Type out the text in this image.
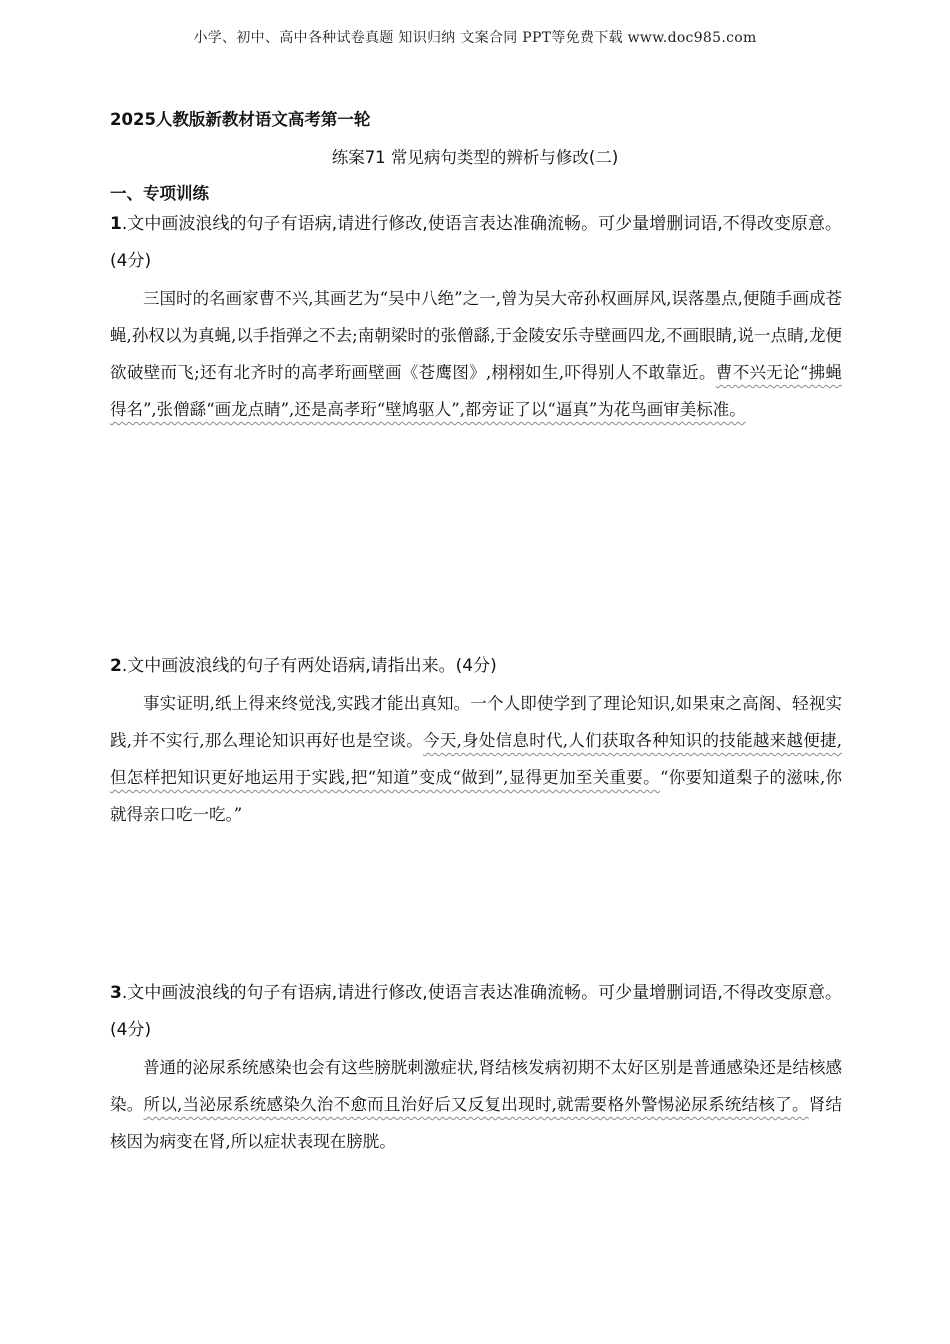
小学、初中、高中各种试卷真题 知识归纳 文案合同 PPT等免费下载 www.doc985.com
2025人教版新教材语文高考第一轮
练案71 常见病句类型的辨析与修改(二)
一、专项训练
1.文中画波浪线的句子有语病,请进行修改,使语言表达准确流畅。可少量增删词语,不得改变原意。(4分)
三国时的名画家曹不兴,其画艺为“吴中八绝”之一,曾为吴大帝孙权画屏风,误落墨点,便随手画成苍蝇,孙权以为真蝇,以手指弹之不去;南朝梁时的张僧繇,于金陵安乐寺壁画四龙,不画眼睛,说一点睛,龙便欲破壁而飞;还有北齐时的高孝珩画壁画《苍鹰图》,栩栩如生,吓得别人不敢靠近。曹不兴无论“拂蝇得名”,张僧繇“画龙点睛”,还是高孝珩“壁鸠驱人”,都旁证了以“逼真”为花鸟画审美标准。
2.文中画波浪线的句子有两处语病,请指出来。(4分)
事实证明,纸上得来终觉浅,实践才能出真知。一个人即使学到了理论知识,如果束之高阁、轻视实践,并不实行,那么理论知识再好也是空谈。今天,身处信息时代,人们获取各种知识的技能越来越便捷,但怎样把知识更好地运用于实践,把“知道”变成“做到”,显得更加至关重要。“你要知道梨子的滋味,你就得亲口吃一吃。”
3.文中画波浪线的句子有语病,请进行修改,使语言表达准确流畅。可少量增删词语,不得改变原意。(4分)
普通的泌尿系统感染也会有这些膀胱刺激症状,肾结核发病初期不太好区别是普通感染还是结核感染。所以,当泌尿系统感染久治不愈而且治好后又反复出现时,就需要格外警惕泌尿系统结核了。肾结核因为病变在肾,所以症状表现在膀胱。
